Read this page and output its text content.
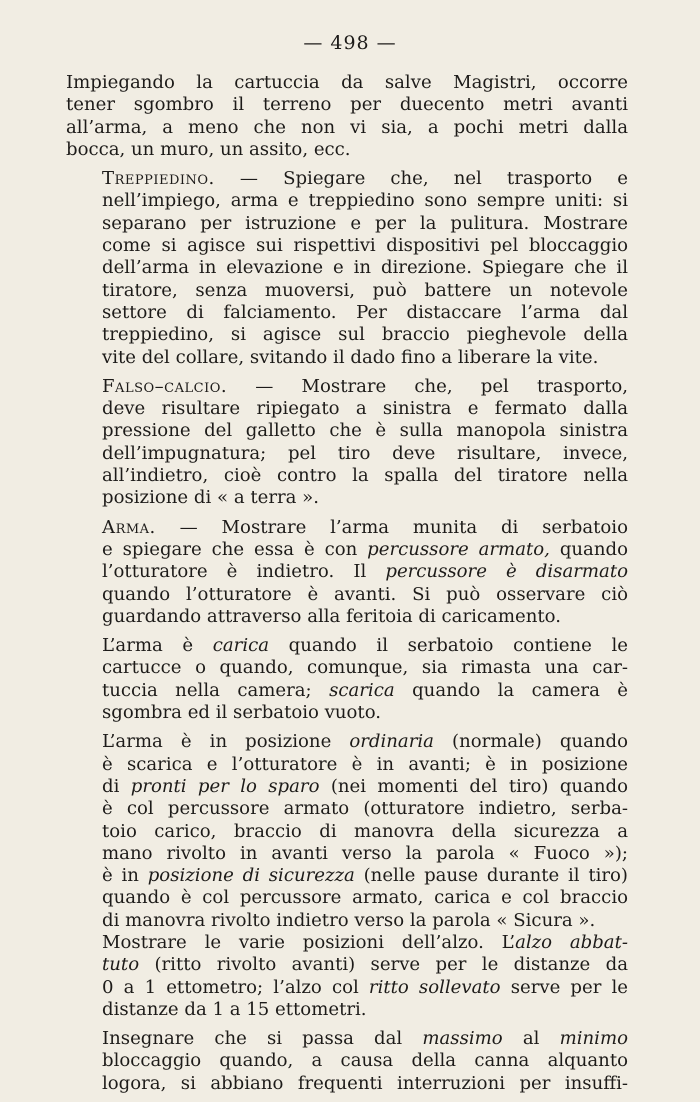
— 498 —

Impiegando la cartuccia da salve Magistri, occorre
tener sgombro il terreno per duecento metri avanti
all’arma, a meno che non vi sia, a pochi metri dalla
bocca, un muro, un assito, ecc.

Treppiedino. — Spiegare che, nel trasporto e
nell’impiego, arma e treppiedino sono sempre uniti: si
separano per istruzione e per la pulitura. Mostrare
come si agisce sui rispettivi dispositivi pel bloccaggio
dell’arma in elevazione e in direzione. Spiegare che il
tiratore, senza muoversi, può battere un notevole
settore di falciamento. Per distaccare l’arma dal
treppiedino, si agisce sul braccio pieghevole della
vite del collare, svitando il dado fino a liberare la vite.

Falso–calcio. — Mostrare che, pel trasporto,
deve risultare ripiegato a sinistra e fermato dalla
pressione del galletto che è sulla manopola sinistra
dell’impugnatura; pel tiro deve risultare, invece,
all’indietro, cioè contro la spalla del tiratore nella
posizione di « a terra ».

Arma. — Mostrare l’arma munita di serbatoio
e spiegare che essa è con percussore armato, quando
l’otturatore è indietro. Il percussore è disarmato
quando l’otturatore è avanti. Si può osservare ciò
guardando attraverso alla feritoia di caricamento.

L’arma è carica quando il serbatoio contiene le
cartucce o quando, comunque, sia rimasta una car-
tuccia nella camera; scarica quando la camera è
sgombra ed il serbatoio vuoto.

L’arma è in posizione ordinaria (normale) quando
è scarica e l’otturatore è in avanti; è in posizione
di pronti per lo sparo (nei momenti del tiro) quando
è col percussore armato (otturatore indietro, serba-
toio carico, braccio di manovra della sicurezza a
mano rivolto in avanti verso la parola « Fuoco »);
è in posizione di sicurezza (nelle pause durante il tiro)
quando è col percussore armato, carica e col braccio
di manovra rivolto indietro verso la parola « Sicura ».

Mostrare le varie posizioni dell’alzo. L’alzo abbat-
tuto (ritto rivolto avanti) serve per le distanze da
0 a 1 ettometro; l’alzo col ritto sollevato serve per le
distanze da 1 a 15 ettometri.

Insegnare che si passa dal massimo al minimo
bloccaggio quando, a causa della canna alquanto
logora, si abbiano frequenti interruzioni per insuffi-
